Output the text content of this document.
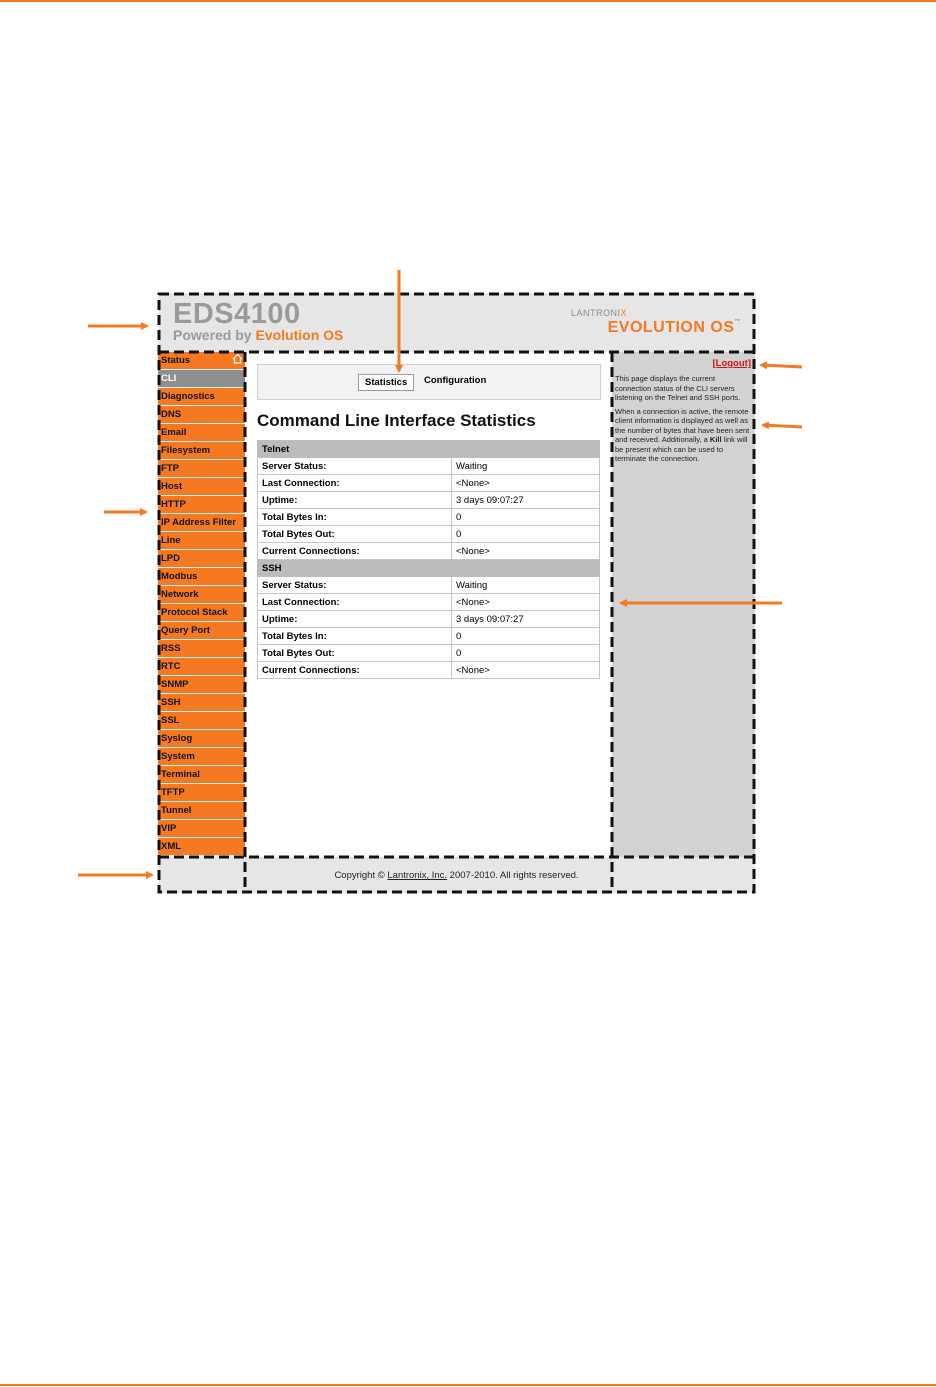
EDS4100
Powered by Evolution OS
LANTRONIX
EVOLUTION OS™
Status
CLI
Diagnostics
DNS
Email
Filesystem
FTP
Host
HTTP
IP Address Filter
Line
LPD
Modbus
Network
Protocol Stack
Query Port
RSS
RTC
SNMP
SSH
SSL
Syslog
System
Terminal
TFTP
Tunnel
VIP
XML
Statistics	Configuration
Command Line Interface Statistics
Telnet	
Server Status:	Waiting
Last Connection:	<None>
Uptime:	3 days 09:07:27
Total Bytes In:	0
Total Bytes Out:	0
Current Connections:	<None>
SSH	
Server Status:	Waiting
Last Connection:	<None>
Uptime:	3 days 09:07:27
Total Bytes In:	0
Total Bytes Out:	0
Current Connections:	<None>
[Logout]

This page displays the current connection status of the CLI servers listening on the Telnet and SSH ports.

When a connection is active, the remote client information is displayed as well as the number of bytes that have been sent and received. Additionally, a Kill link will be present which can be used to terminate the connection.

Copyright © Lantronix, Inc. 2007-2010. All rights reserved.
